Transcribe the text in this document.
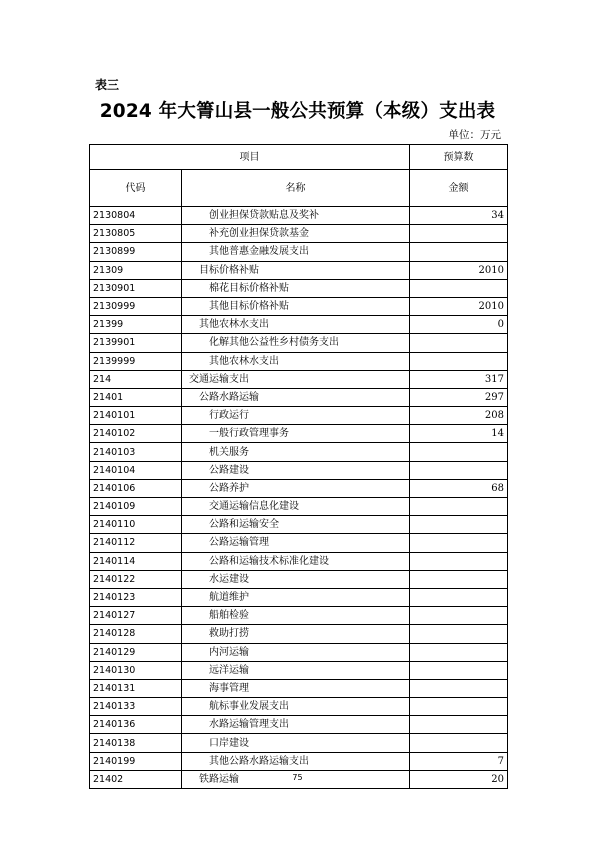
表三
2024 年大箐山县一般公共预算（本级）支出表
单位：万元
项目		预算数
代码	名称	金额
2130804	创业担保贷款贴息及奖补	34
2130805	补充创业担保贷款基金	
2130899	其他普惠金融发展支出	
21309	目标价格补贴	2010
2130901	棉花目标价格补贴	
2130999	其他目标价格补贴	2010
21399	其他农林水支出	0
2139901	化解其他公益性乡村债务支出	
2139999	其他农林水支出	
214	交通运输支出	317
21401	公路水路运输	297
2140101	行政运行	208
2140102	一般行政管理事务	14
2140103	机关服务	
2140104	公路建设	
2140106	公路养护	68
2140109	交通运输信息化建设	
2140110	公路和运输安全	
2140112	公路运输管理	
2140114	公路和运输技术标准化建设	
2140122	水运建设	
2140123	航道维护	
2140127	船舶检验	
2140128	救助打捞	
2140129	内河运输	
2140130	远洋运输	
2140131	海事管理	
2140133	航标事业发展支出	
2140136	水路运输管理支出	
2140138	口岸建设	
2140199	其他公路水路运输支出	7
21402	铁路运输	20
75
